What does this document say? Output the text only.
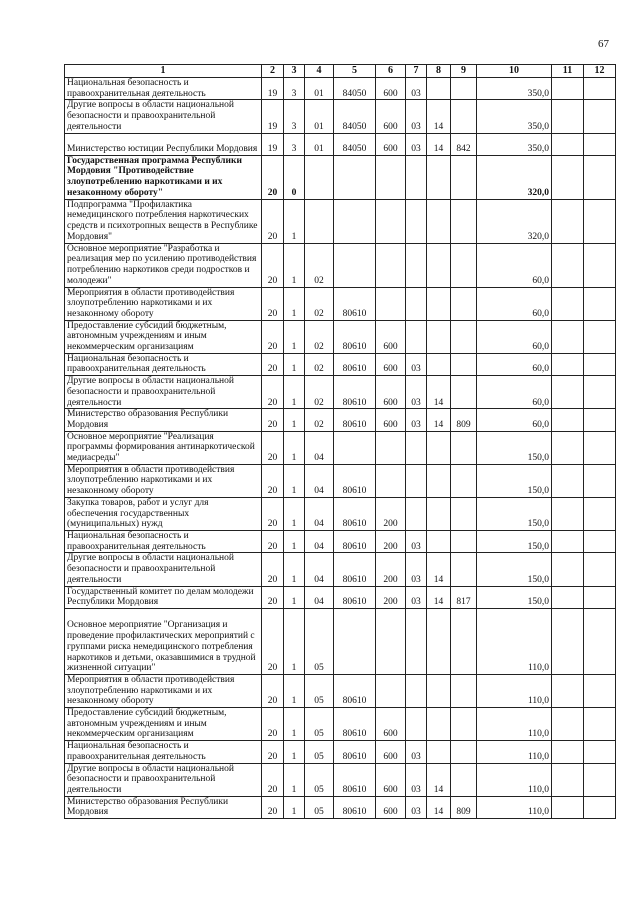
67
1	2	3	4	5	6	7	8	9	10	11	12

Национальная безопасность и правоохранительная деятельность	19	3	01	84050	600	03			350,0		

Другие вопросы в области национальной безопасности и правоохранительной деятельности	19	3	01	84050	600	03	14		350,0		

Министерство юстиции Республики Мордовия	19	3	01	84050	600	03	14	842	350,0		

Государственная программа Республики Мордовия "Противодействие злоупотреблению наркотиками и их незаконному обороту"	20	0							320,0		

Подпрограмма "Профилактика немедицинского потребления наркотических средств и психотропных веществ в Республике Мордовия"	20	1							320,0		

Основное мероприятие "Разработка и реализация мер по усилению противодействия потреблению наркотиков среди подростков и молодежи"	20	1	02						60,0		

Мероприятия в области противодействия злоупотреблению наркотиками и их незаконному обороту	20	1	02	80610					60,0		

Предоставление субсидий бюджетным, автономным учреждениям и иным некоммерческим организациям	20	1	02	80610	600				60,0		

Национальная безопасность и правоохранительная деятельность	20	1	02	80610	600	03			60,0		

Другие вопросы в области национальной безопасности и правоохранительной деятельности	20	1	02	80610	600	03	14		60,0		

Министерство образования Республики Мордовия	20	1	02	80610	600	03	14	809	60,0		

Основное мероприятие "Реализация программы формирования антинаркотической медиасреды"	20	1	04						150,0		

Мероприятия в области противодействия злоупотреблению наркотиками и их незаконному обороту	20	1	04	80610					150,0		

Закупка товаров, работ и услуг для обеспечения государственных (муниципальных) нужд	20	1	04	80610	200				150,0		

Национальная безопасность и правоохранительная деятельность	20	1	04	80610	200	03			150,0		

Другие вопросы в области национальной безопасности и правоохранительной деятельности	20	1	04	80610	200	03	14		150,0		

Государственный комитет по делам молодежи Республики Мордовия	20	1	04	80610	200	03	14	817	150,0		

Основное мероприятие "Организация и проведение профилактических мероприятий с группами риска немедицинского потребления наркотиков и детьми, оказавшимися в трудной жизненной ситуации"	20	1	05						110,0		

Мероприятия в области противодействия злоупотреблению наркотиками и их незаконному обороту	20	1	05	80610					110,0		

Предоставление субсидий бюджетным, автономным учреждениям и иным некоммерческим организациям	20	1	05	80610	600				110,0		

Национальная безопасность и правоохранительная деятельность	20	1	05	80610	600	03			110,0		

Другие вопросы в области национальной безопасности и правоохранительной деятельности	20	1	05	80610	600	03	14		110,0		

Министерство образования Республики Мордовия	20	1	05	80610	600	03	14	809	110,0		
